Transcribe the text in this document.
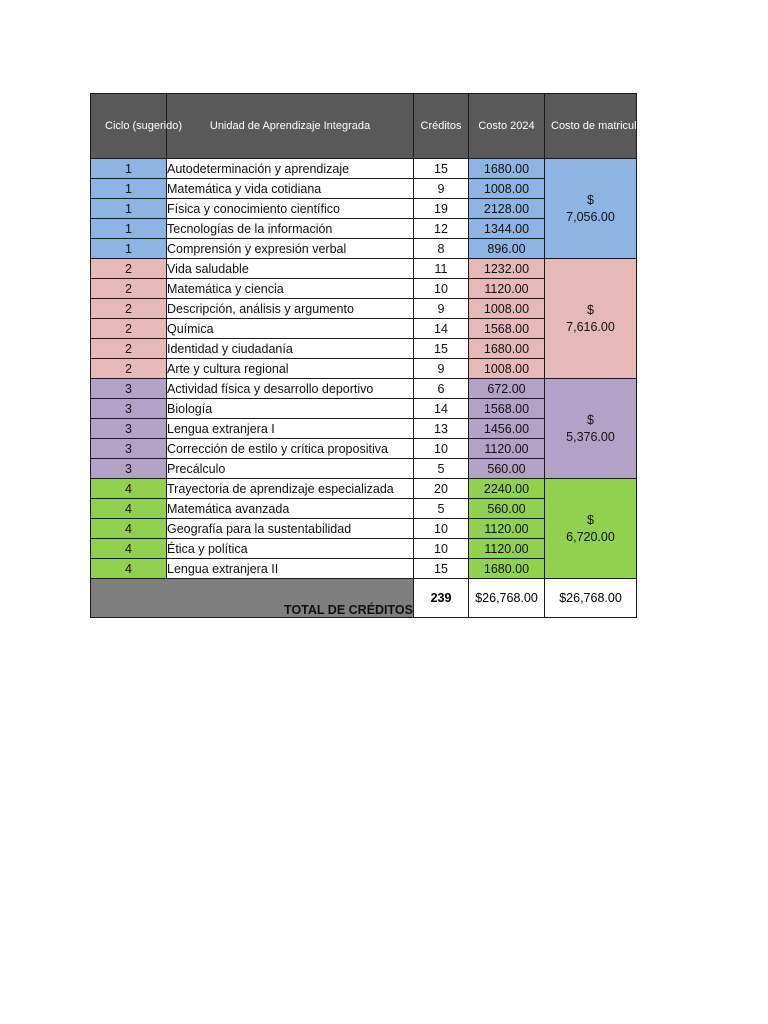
Ciclo (sugerido)	Unidad de Aprendizaje Integrada	Créditos	Costo 2024	Costo de matricula por semestre
1	Autodeterminación y aprendizaje	15	1680.00	$
7,056.00

1	Matemática y vida cotidiana	9	1008.00	
1	Física y conocimiento científico	19	2128.00	
1	Tecnologías de la información	12	1344.00	
1	Comprensión y expresión verbal	8	896.00	
2	Vida saludable	11	1232.00	$
7,616.00

2	Matemática y ciencia	10	1120.00	
2	Descripción, análisis y argumento	9	1008.00	
2	Química	14	1568.00	
2	Identidad y ciudadanía	15	1680.00	
2	Arte y cultura regional	9	1008.00	
3	Actividad física y desarrollo deportivo	6	672.00	$
5,376.00

3	Biología	14	1568.00	
3	Lengua extranjera I	13	1456.00	
3	Corrección de estilo y crítica propositiva	10	1120.00	
3	Precálculo	5	560.00	
4	Trayectoria de aprendizaje especializada	20	2240.00	$
6,720.00

4	Matemática avanzada	5	560.00	
4	Geografía para la sustentabilidad	10	1120.00	
4	Ética y política	10	1120.00	
4	Lengua extranjera II	15	1680.00	
TOTAL DE CRÉDITOS		239	$26,768.00	$26,768.00
